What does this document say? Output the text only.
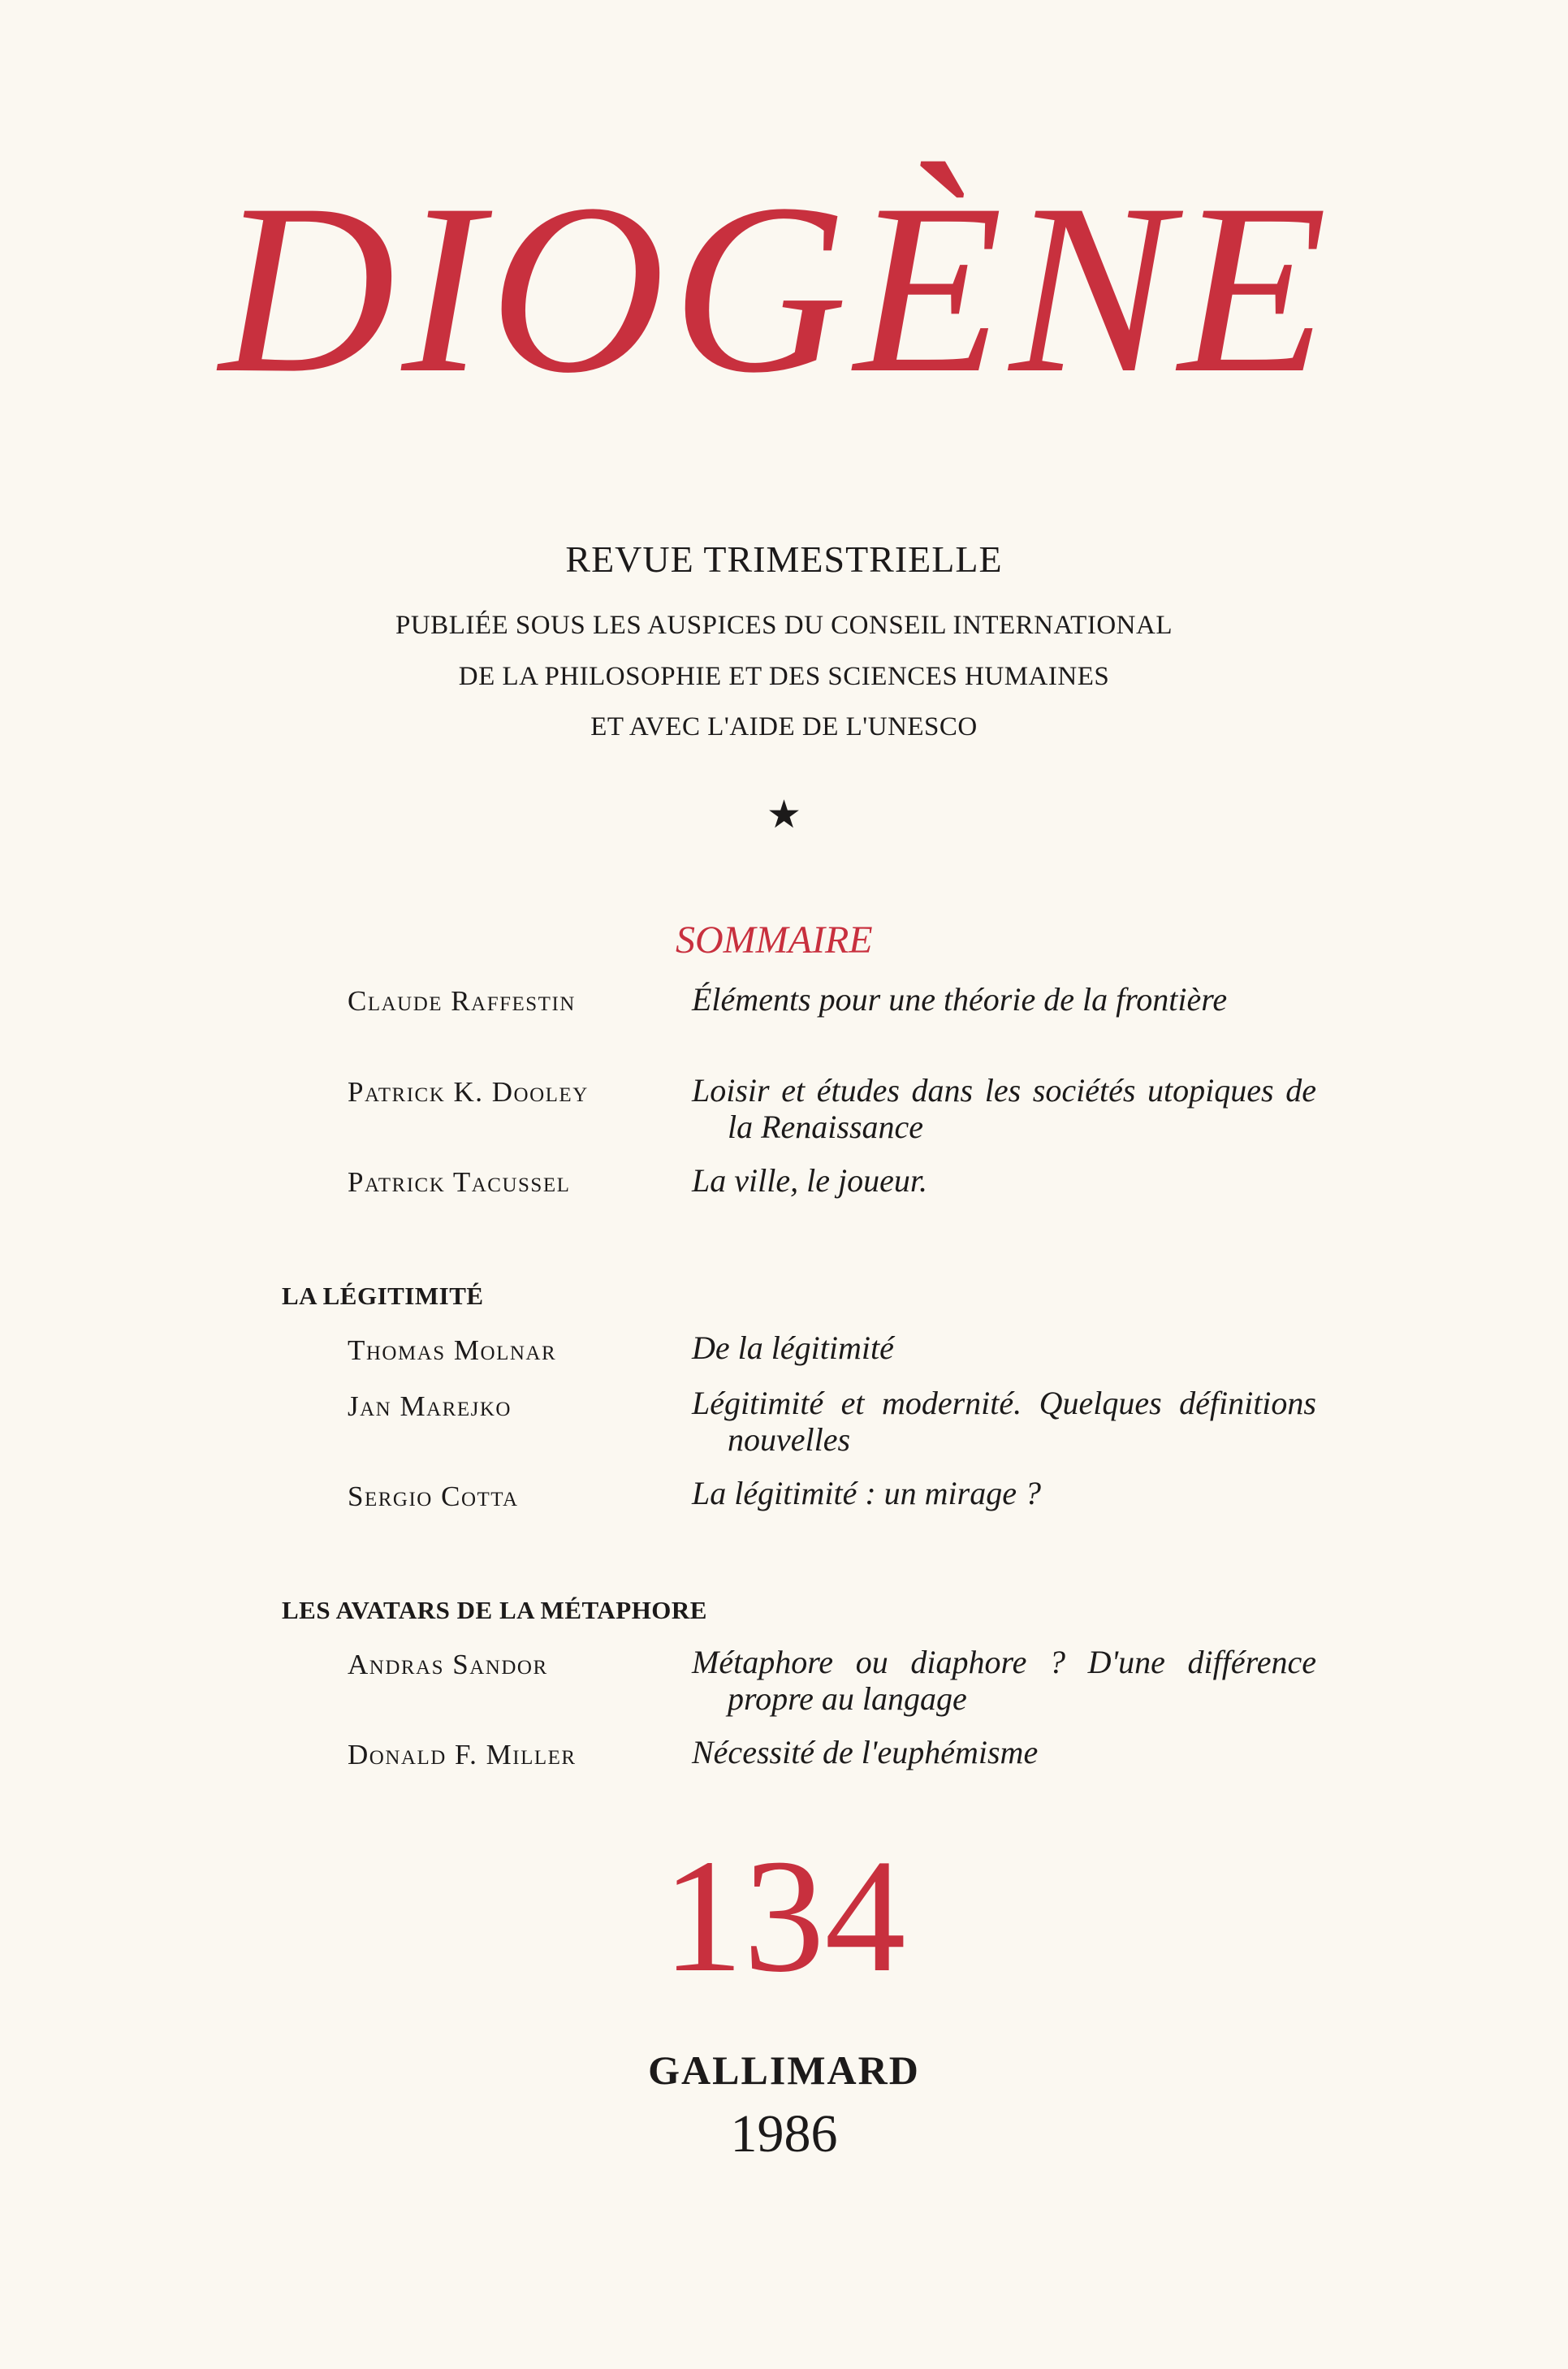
DIOGÈNE
REVUE TRIMESTRIELLE
PUBLIÉE SOUS LES AUSPICES DU CONSEIL INTERNATIONAL
DE LA PHILOSOPHIE ET DES SCIENCES HUMAINES
ET AVEC L'AIDE DE L'UNESCO
★
SOMMAIRE
Claude Raffestin	Éléments pour une théorie de la frontière
Patrick K. Dooley	Loisir et études dans les sociétés utopiques de la Renaissance
Patrick Tacussel	La ville, le joueur.
LA LÉGITIMITÉ
Thomas Molnar	De la légitimité
Jan Marejko	Légitimité et modernité. Quelques définitions nouvelles
Sergio Cotta	La légitimité : un mirage ?
LES AVATARS DE LA MÉTAPHORE
Andras Sandor	Métaphore ou diaphore ? D'une différence propre au langage
Donald F. Miller	Nécessité de l'euphémisme
134
GALLIMARD
1986
